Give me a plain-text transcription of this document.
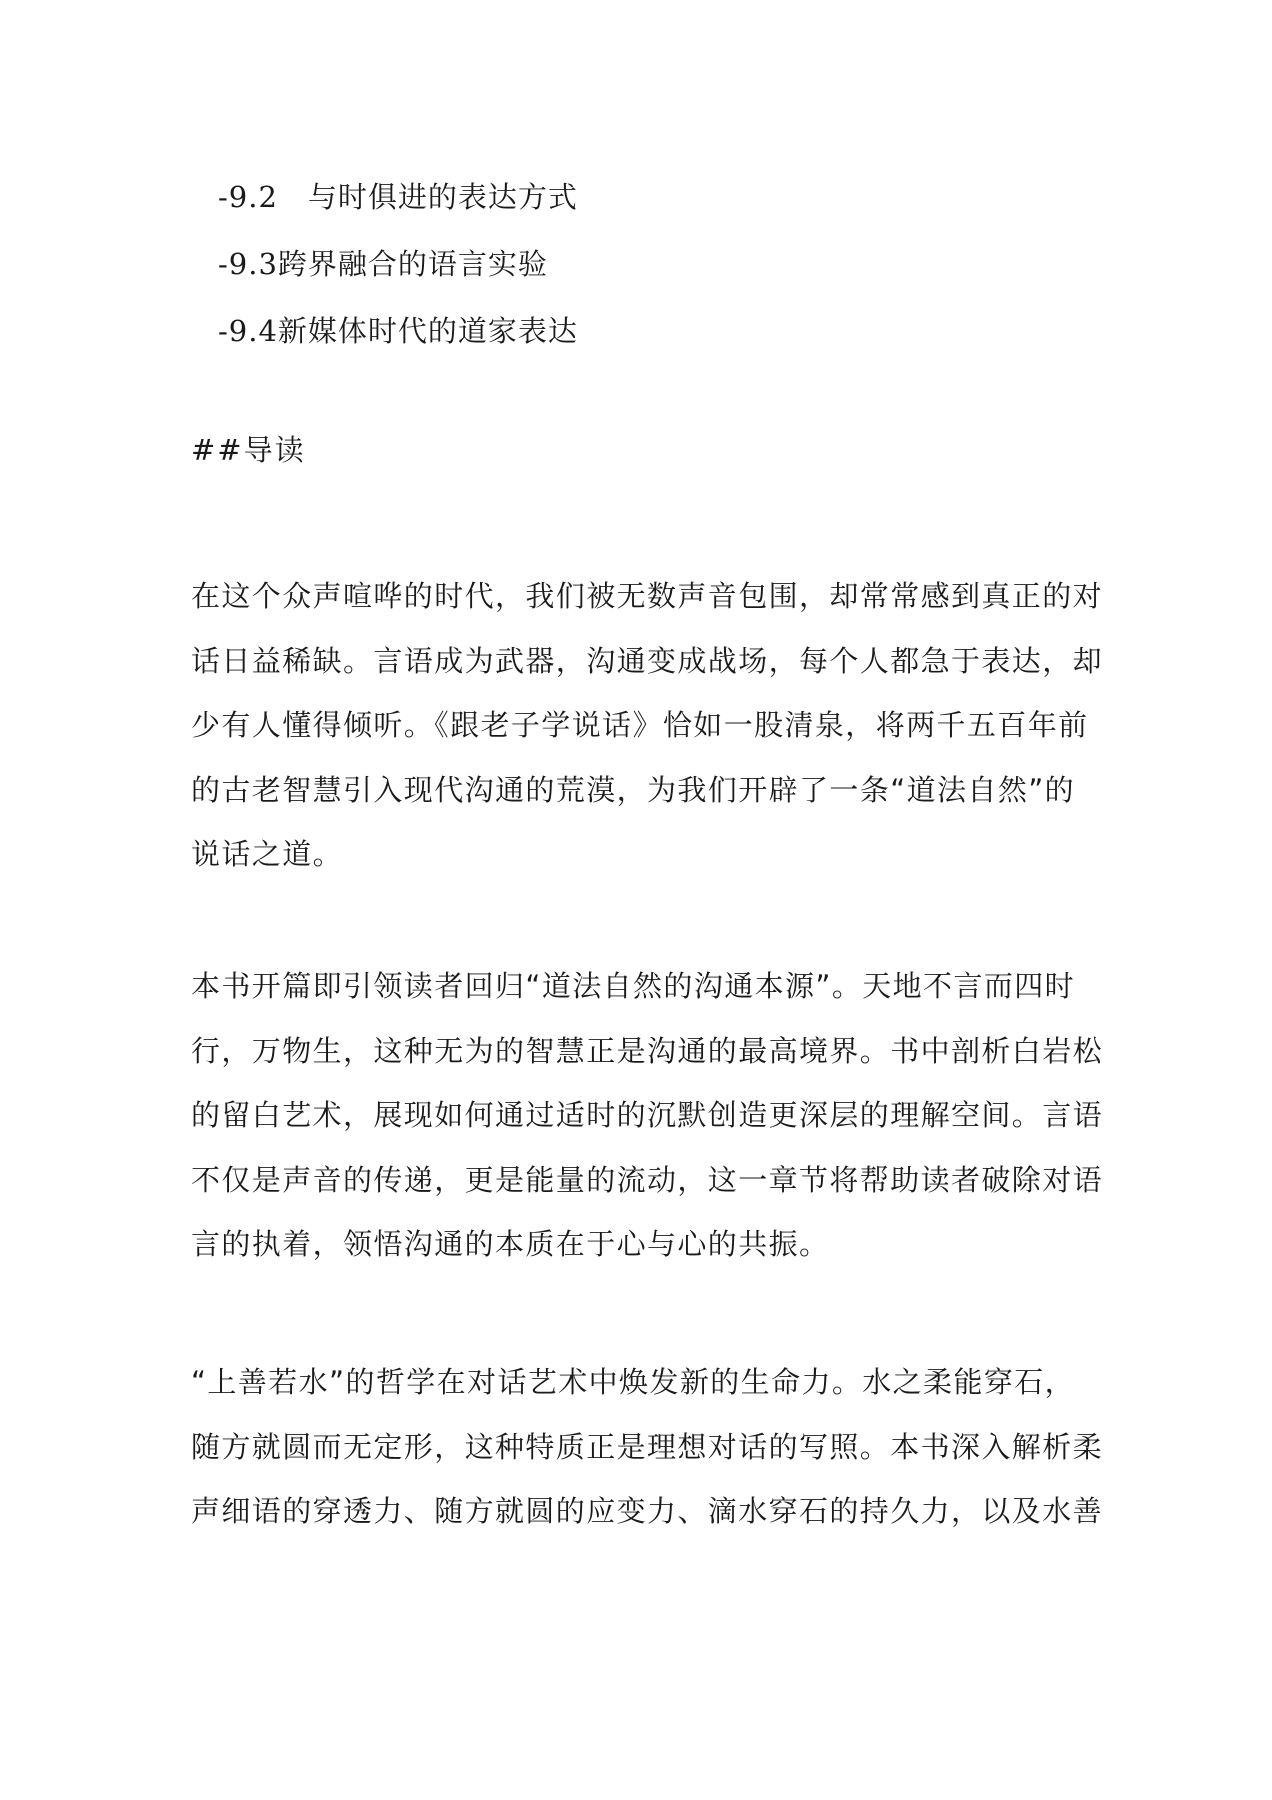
-9.2　与时俱进的表达方式
-9.3跨界融合的语言实验
-9.4新媒体时代的道家表达
##导读

在这个众声喧哗的时代，我们被无数声音包围，却常常感到真正的对
话日益稀缺。言语成为武器，沟通变成战场，每个人都急于表达，却
少有人懂得倾听。《跟老子学说话》恰如一股清泉，将两千五百年前
的古老智慧引入现代沟通的荒漠，为我们开辟了一条“道法自然”的
说话之道。

本书开篇即引领读者回归“道法自然的沟通本源”。天地不言而四时
行，万物生，这种无为的智慧正是沟通的最高境界。书中剖析白岩松
的留白艺术，展现如何通过适时的沉默创造更深层的理解空间。言语
不仅是声音的传递，更是能量的流动，这一章节将帮助读者破除对语
言的执着，领悟沟通的本质在于心与心的共振。

“上善若水”的哲学在对话艺术中焕发新的生命力。水之柔能穿石，
随方就圆而无定形，这种特质正是理想对话的写照。本书深入解析柔
声细语的穿透力、随方就圆的应变力、滴水穿石的持久力，以及水善
